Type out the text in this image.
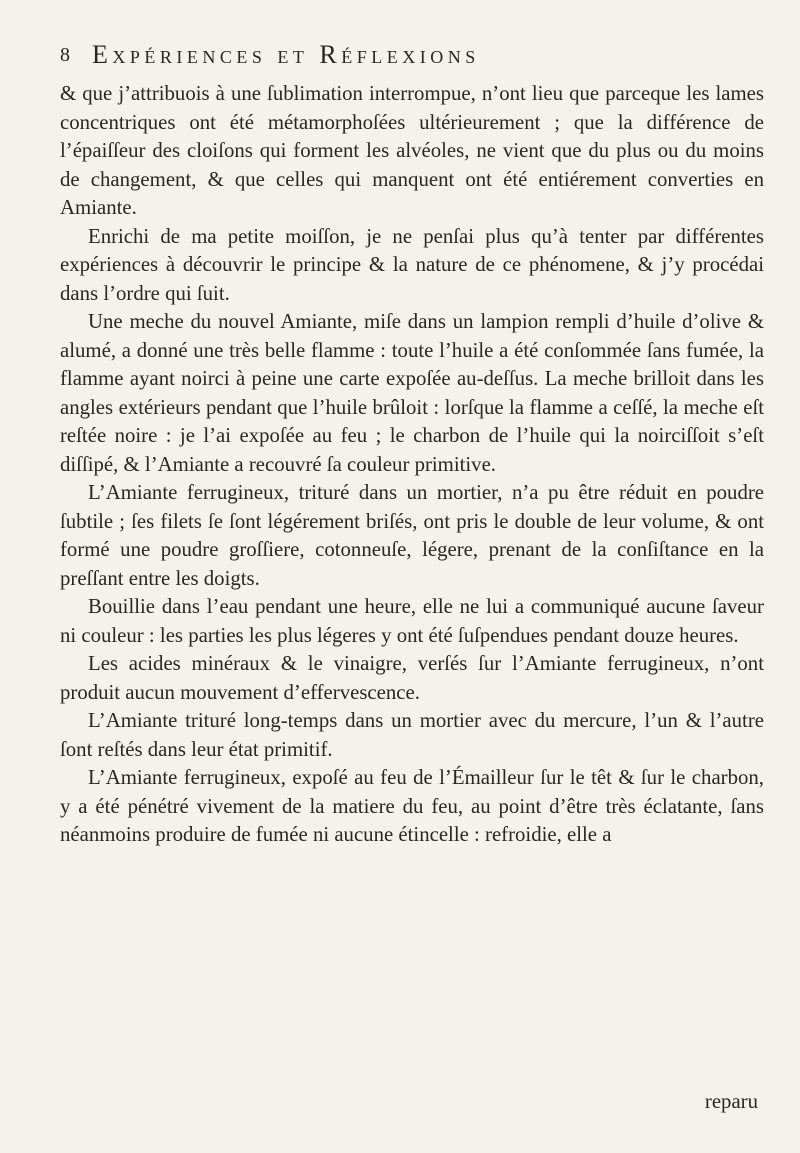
8 Expériences et Réflexions

& que j’attribuois à une ſublimation interrompue, n’ont lieu que parceque les lames concentriques ont été métamorphoſées ultérieurement ; que la différence de l’épaiſſeur des cloiſons qui forment les alvéoles, ne vient que du plus ou du moins de changement, & que celles qui manquent ont été entiérement converties en Amiante.

Enrichi de ma petite moiſſon, je ne penſai plus qu’à tenter par différentes expériences à découvrir le principe & la nature de ce phénomene, & j’y procédai dans l’ordre qui ſuit.

Une meche du nouvel Amiante, miſe dans un lampion rempli d’huile d’olive & alumé, a donné une très belle flamme : toute l’huile a été conſommée ſans fumée, la flamme ayant noirci à peine une carte expoſée au-deſſus. La meche brilloit dans les angles extérieurs pendant que l’huile brûloit : lorſque la flamme a ceſſé, la meche eſt reſtée noire : je l’ai expoſée au feu ; le charbon de l’huile qui la noirciſſoit s’eſt diſſipé, & l’Amiante a recouvré ſa couleur primitive.

L’Amiante ferrugineux, trituré dans un mortier, n’a pu être réduit en poudre ſubtile ; ſes filets ſe ſont légérement briſés, ont pris le double de leur volume, & ont formé une poudre groſſiere, cotonneuſe, légere, prenant de la conſiſtance en la preſſant entre les doigts.

Bouillie dans l’eau pendant une heure, elle ne lui a communiqué aucune ſaveur ni couleur : les parties les plus légeres y ont été ſuſpendues pendant douze heures.

Les acides minéraux & le vinaigre, verſés ſur l’Amiante ferrugineux, n’ont produit aucun mouvement d’effervescence.

L’Amiante trituré long-temps dans un mortier avec du mercure, l’un & l’autre ſont reſtés dans leur état primitif.

L’Amiante ferrugineux, expoſé au feu de l’Émailleur ſur le têt & ſur le charbon, y a été pénétré vivement de la matiere du feu, au point d’être très éclatante, ſans néanmoins produire de fumée ni aucune étincelle : refroidie, elle a

reparu
